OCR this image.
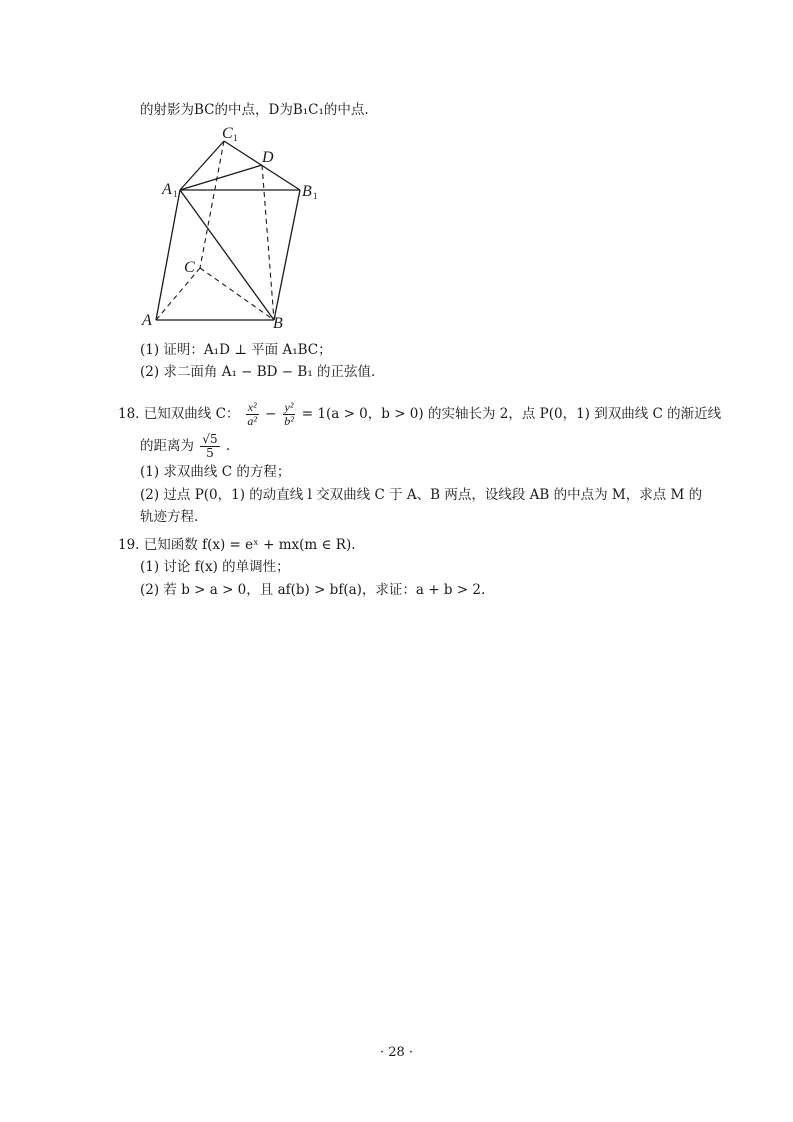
的射影为BC的中点，D为B₁C₁的中点.
C 1
D
A 1	B 1
C
A	B
(1) 证明：A₁D ⊥ 平面 A₁BC；
(2) 求二面角 A₁ − BD − B₁ 的正弦值.
18. 已知双曲线 C： $\frac{\text{x²}}{\text{a²}} - \frac{\text{y²}}{\text{b²}} = 1(a > 0$，b > 0) 的实轴长为 2，点 P(0，1) 到双曲线 C 的渐近线
的距离为 $\frac{√5}{5}$ .
(1) 求双曲线 C 的方程；
(2) 过点 P(0，1) 的动直线 l 交双曲线 C 于 A、B 两点，设线段 AB 的中点为 M，求点 M 的
轨迹方程.
19. 已知函数 f(x) = eˣ + mx(m ∈ R).
(1) 讨论 f(x) 的单调性；
(2) 若 b > a > 0，且 af(b) > bf(a)，求证：a + b > 2.
· 28 ·
